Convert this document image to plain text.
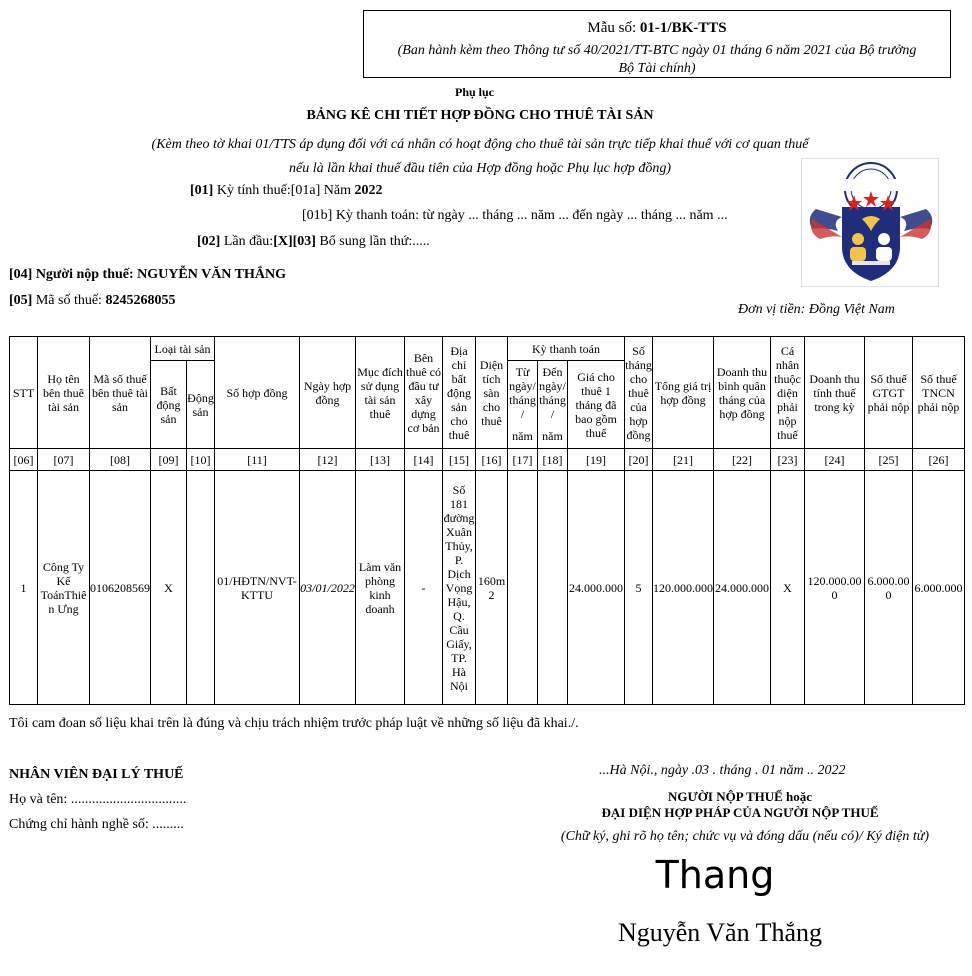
Mẫu số: 01-1/BK-TTS
(Ban hành kèm theo Thông tư số 40/2021/TT-BTC ngày 01 tháng 6 năm 2021 của Bộ trưởng
Bộ Tài chính)
Phụ lục
BẢNG KÊ CHI TIẾT HỢP ĐỒNG CHO THUÊ TÀI SẢN
(Kèm theo tờ khai 01/TTS áp dụng đối với cá nhân có hoạt động cho thuê tài sản trực tiếp khai thuế với cơ quan thuế
nếu là lần khai thuế đầu tiên của Hợp đồng hoặc Phụ lục hợp đồng)
[01] Kỳ tính thuế:[01a] Năm 2022
[01b] Kỳ thanh toán: từ ngày ... tháng ... năm ... đến ngày ... tháng ... năm ...
[02] Lần đầu:[X][03] Bổ sung lần thứ:.....
[04] Người nộp thuế: NGUYỄN VĂN THẮNG
[05] Mã số thuế: 8245268055
Đơn vị tiền: Đồng Việt Nam
STT	Họ tên bên thuê tài sản	Mã số thuế bên thuê tài sản	Loại tài sản		Số hợp đồng	Ngày hợp đồng	Mục đích sử dụng tài sản thuê	Bên thuê có đầu tư xây dựng cơ bản	Địa chỉ bất động sản cho thuê	Diện tích sàn cho thuê	Kỳ thanh toán			Số tháng cho thuê của hợp đồng	Tổng giá trị hợp đồng	Doanh thu bình quân tháng của hợp đồng	Cá nhân thuộc diện phải nộp thuế	Doanh thu tính thuế trong kỳ	Số thuế GTGT phải nộp	Số thuế TNCN phải nộp
			Bất động sản	Động sản							Từ ngày/ tháng/	Đến ngày/ tháng/	Giá cho thuê 1 tháng đã bao gồm thuế							
											năm	năm								
[06]	[07]	[08]	[09]	[10]	[11]	[12]	[13]	[14]	[15]	[16]	[17]	[18]	[19]	[20]	[21]	[22]	[23]	[24]	[25]	[26]
1	Công Ty Kế ToánThiên Ưng	0106208569	X		01/HĐTN/NVT-KTTU	03/01/2022	Làm văn phòng kinh doanh	-	Số 181 đường Xuân Thủy, P. Dịch Vọng Hậu, Q. Cầu Giấy, TP. Hà Nội	160m2			24.000.000	5	120.000.000	24.000.000	X	120.000.000	6.000.000	6.000.000
Tôi cam đoan số liệu khai trên là đúng và chịu trách nhiệm trước pháp luật về những số liệu đã khai./.
NHÂN VIÊN ĐẠI LÝ THUẾ
Họ và tên: .................................
Chứng chỉ hành nghề số: .........
...Hà Nội., ngày .03 . tháng . 01 năm .. 2022
NGƯỜI NỘP THUẾ hoặc
ĐẠI DIỆN HỢP PHÁP CỦA NGƯỜI NỘP THUẾ
(Chữ ký, ghi rõ họ tên; chức vụ và đóng dấu (nếu có)/ Ký điện tử)
Thang
Nguyễn Văn Thắng
